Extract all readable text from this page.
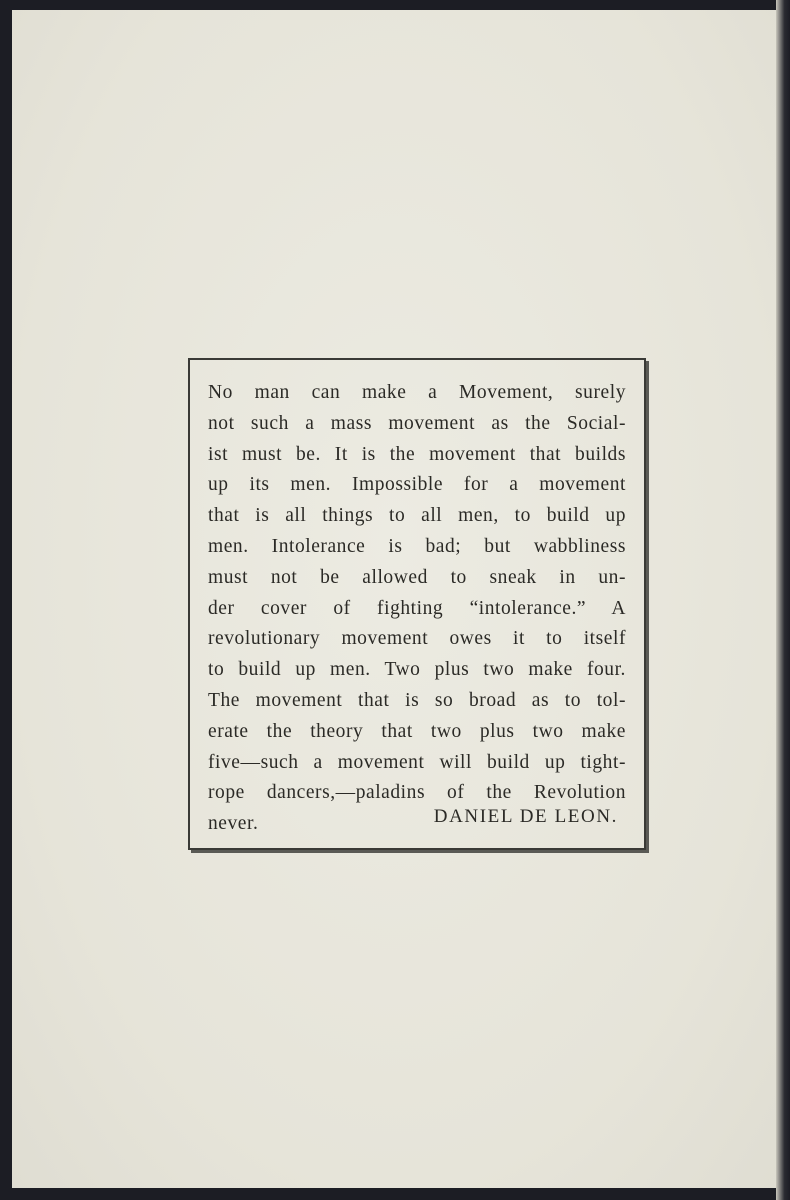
No man can make a Movement, surely
not such a mass movement as the Social-
ist must be. It is the movement that builds
up its men. Impossible for a movement
that is all things to all men, to build up
men. Intolerance is bad; but wabbliness
must not be allowed to sneak in un-
der cover of fighting “intolerance.” A
revolutionary movement owes it to itself
to build up men. Two plus two make four.
The movement that is so broad as to tol-
erate the theory that two plus two make
five—such a movement will build up tight-
rope dancers,—paladins of the Revolution
never.	DANIEL DE LEON.
